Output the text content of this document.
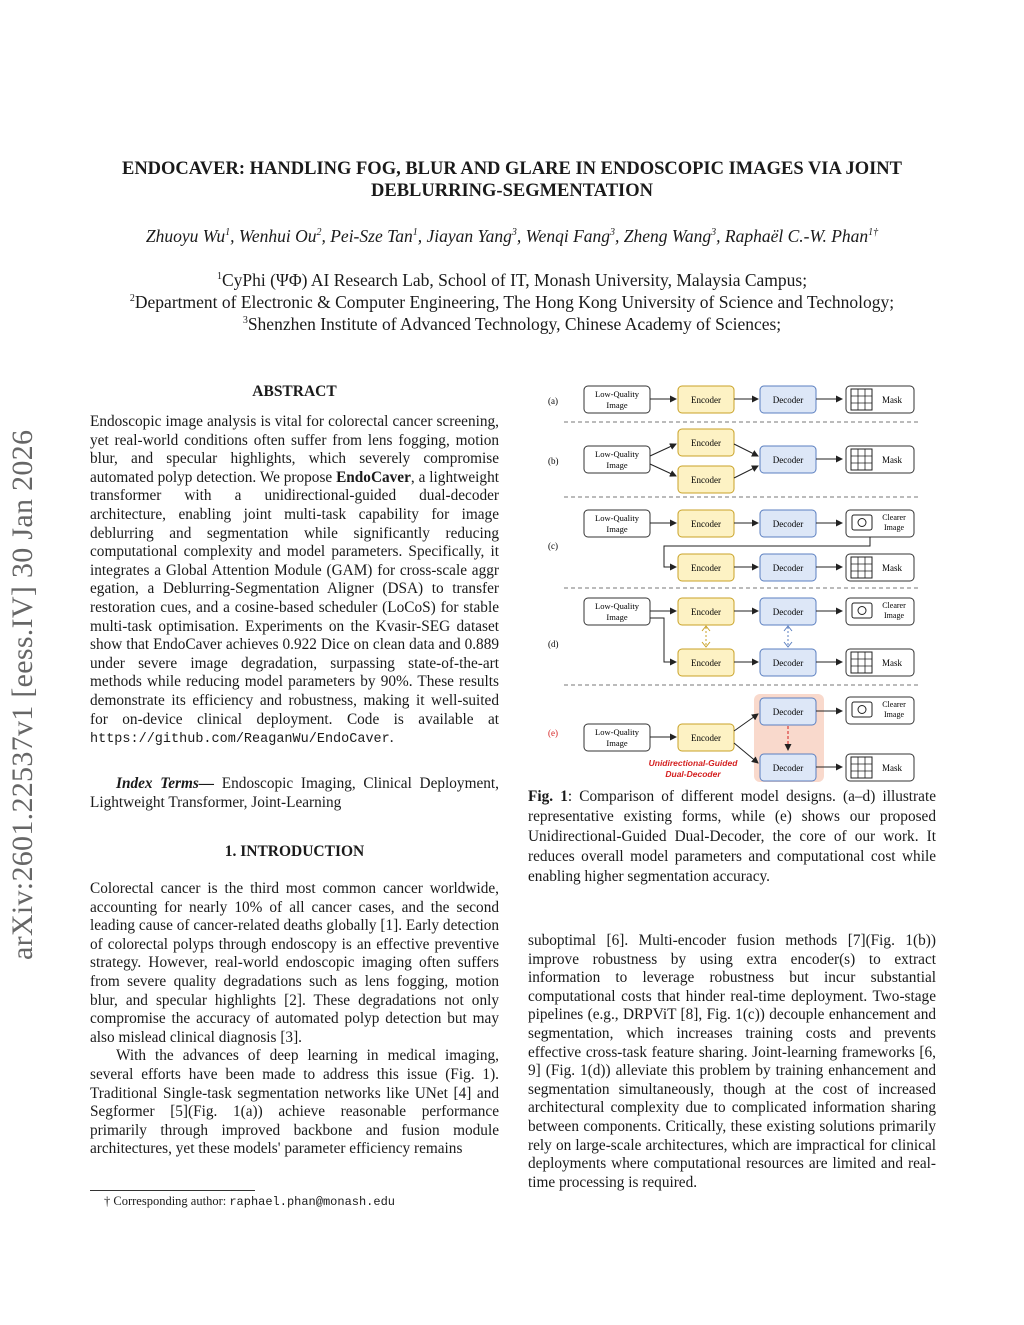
arXiv:2601.22537v1 [eess.IV] 30 Jan 2026
ENDOCAVER: HANDLING FOG, BLUR AND GLARE IN ENDOSCOPIC IMAGES VIA JOINT
DEBLURRING-SEGMENTATION
Zhuoyu Wu$^1$, Wenhui Ou$^2$, Pei-Sze Tan$^1$, Jiayan Yang$^3$, Wenqi Fang$^3$, Zheng Wang$^3$, Raphaël C.-W. Phan$^{1\dagger}$
$^1$CyPhi (ΨΦ) AI Research Lab, School of IT, Monash University, Malaysia Campus;
$^2$Department of Electronic & Computer Engineering, The Hong Kong University of Science and Technology;
$^3$Shenzhen Institute of Advanced Technology, Chinese Academy of Sciences;
ABSTRACT
Endoscopic image analysis is vital for colorectal cancer screening, yet real-world conditions often suffer from lens fogging, motion blur, and specular highlights, which severely compromise automated polyp detection. We propose EndoCaver, a lightweight transformer with a unidirectional-guided dual-decoder architecture, enabling joint multi-task capability for image deblurring and segmentation while significantly reducing computational complexity and model parameters. Specifically, it integrates a Global Attention Module (GAM) for cross-scale aggr egation, a Deblurring-Segmentation Aligner (DSA) to transfer restoration cues, and a cosine-based scheduler (LoCoS) for stable multi-task optimisation. Experiments on the Kvasir-SEG dataset show that EndoCaver achieves 0.922 Dice on clean data and 0.889 under severe image degradation, surpassing state-of-the-art methods while reducing model parameters by 90%. These results demonstrate its efficiency and robustness, making it well-suited for on-device clinical deployment. Code is available at https://github.com/ReaganWu/EndoCaver.
Index Terms— Endoscopic Imaging, Clinical Deployment, Lightweight Transformer, Joint-Learning
1. INTRODUCTION

Colorectal cancer is the third most common cancer worldwide, accounting for nearly 10% of all cancer cases, and the second leading cause of cancer-related deaths globally [1]. Early detection of colorectal polyps through endoscopy is an effective preventive strategy. However, real-world endoscopic imaging often suffers from severe quality degradations such as lens fogging, motion blur, and specular highlights [2]. These degradations not only compromise the accuracy of automated polyp detection but may also mislead clinical diagnosis [3].

With the advances of deep learning in medical imaging, several efforts have been made to address this issue (Fig. 1). Traditional Single-task segmentation networks like UNet [4] and Segformer [5](Fig. 1(a)) achieve reasonable performance primarily through improved backbone and fusion module architectures, yet these models' parameter efficiency remains

† Corresponding author: raphael.phan@monash.edu
(a)
(b)
(c)
(d)
(e)
Low-Quality
Image	Encoder	Decoder	Mask
Low-Quality
Image
Encoder
Encoder
Decoder	Mask
Low-Quality
Image	Encoder	Decoder
Clearer
Image
Encoder	Decoder	Mask
Low-Quality
Image	Encoder	Decoder
Clearer
Image
Encoder	Decoder	Mask
Low-Quality
Image	Encoder
Decoder
Decoder
Clearer
Image
Mask
Unidirectional-Guided
Dual-Decoder
Fig. 1: Comparison of different model designs. (a–d) illustrate representative existing forms, while (e) shows our proposed Unidirectional-Guided Dual-Decoder, the core of our work. It reduces overall model parameters and computational cost while enabling higher segmentation accuracy.
suboptimal [6]. Multi-encoder fusion methods [7](Fig. 1(b)) improve robustness by using extra encoder(s) to extract information to leverage robustness but incur substantial computational costs that hinder real-time deployment. Two-stage pipelines (e.g., DRPViT [8], Fig. 1(c)) decouple enhancement and segmentation, which increases training costs and prevents effective cross-task feature sharing. Joint-learning frameworks [6, 9] (Fig. 1(d)) alleviate this problem by training enhancement and segmentation simultaneously, though at the cost of increased architectural complexity due to complicated information sharing between components. Critically, these existing solutions primarily rely on large-scale architectures, which are impractical for clinical deployments where computational resources are limited and real-time processing is required.
